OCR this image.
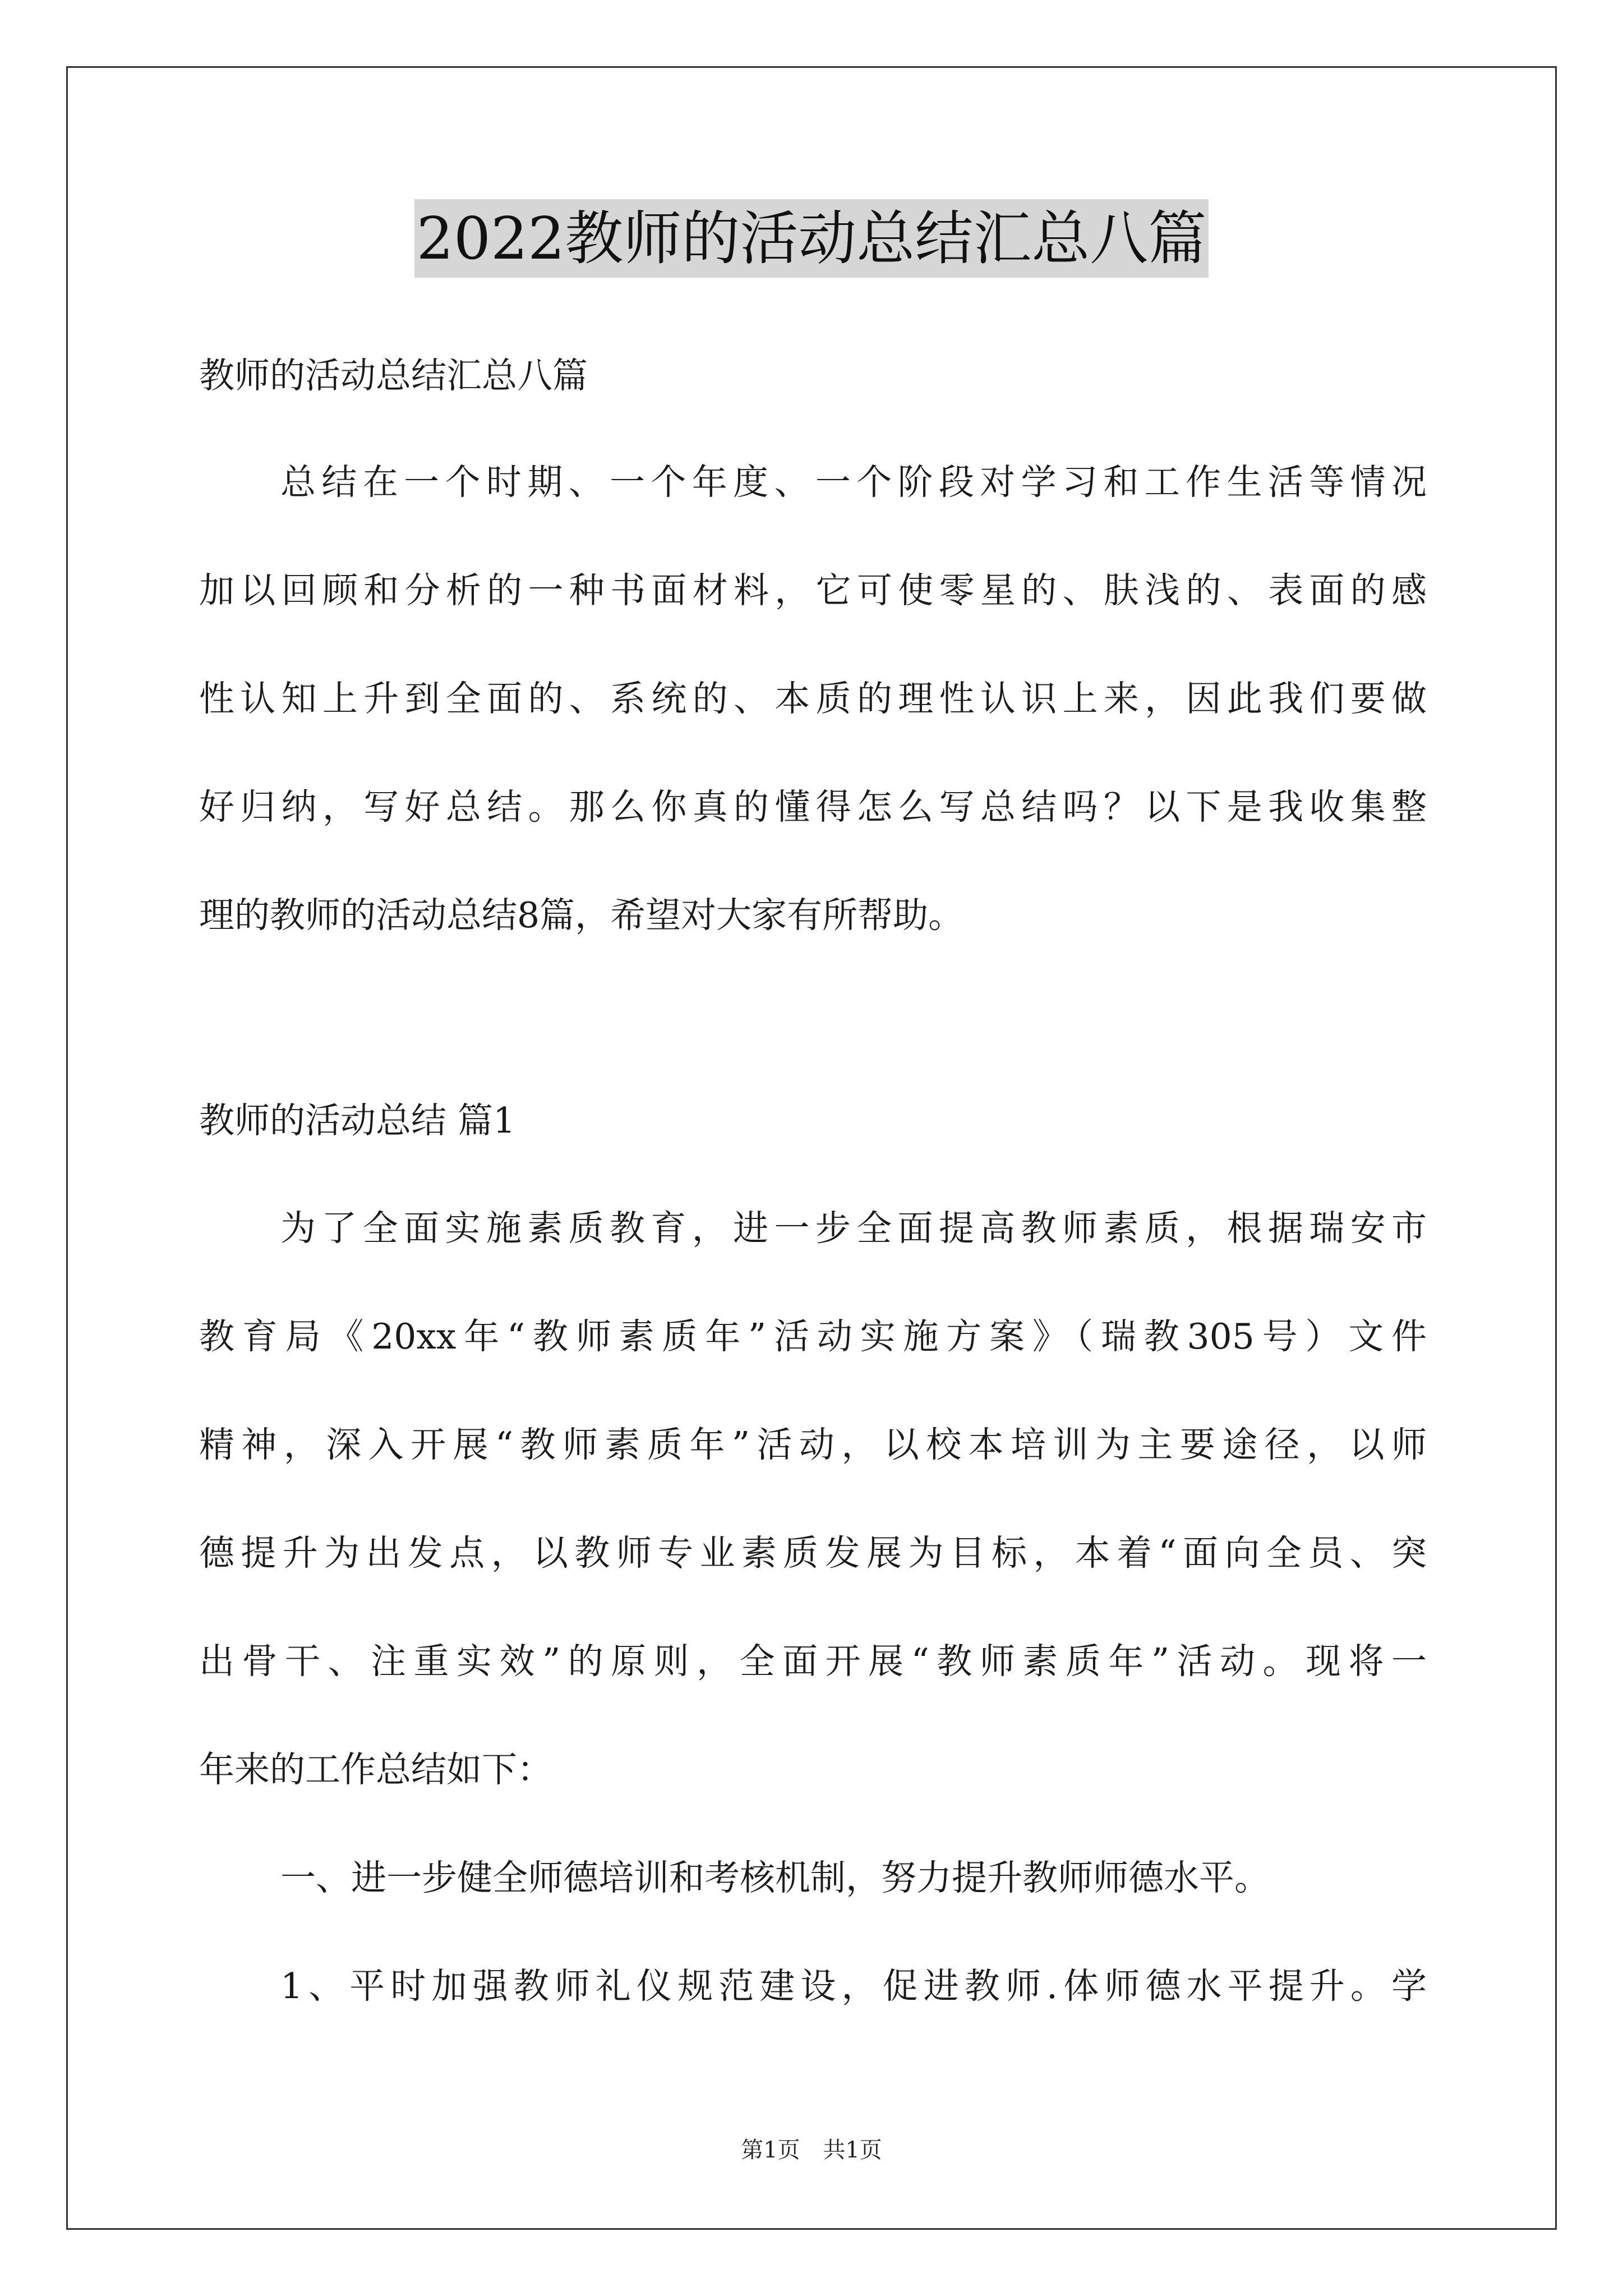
2022教师的活动总结汇总八篇
教师的活动总结汇总八篇
总结在一个时期、一个年度、一个阶段对学习和工作生活等情况
加以回顾和分析的一种书面材料，它可使零星的、肤浅的、表面的感
性认知上升到全面的、系统的、本质的理性认识上来，因此我们要做
好归纳，写好总结。那么你真的懂得怎么写总结吗？以下是我收集整
理的教师的活动总结8篇，希望对大家有所帮助。
教师的活动总结 篇1
为了全面实施素质教育，进一步全面提高教师素质，根据瑞安市
教育局《20xx年“教师素质年”活动实施方案》（瑞教305号）文件
精神，深入开展“教师素质年”活动，以校本培训为主要途径，以师
德提升为出发点，以教师专业素质发展为目标，本着“面向全员、突
出骨干、注重实效”的原则，全面开展“教师素质年”活动。现将一
年来的工作总结如下：
一、进一步健全师德培训和考核机制，努力提升教师师德水平。
1、平时加强教师礼仪规范建设，促进教师.体师德水平提升。学
第1页 共1页
